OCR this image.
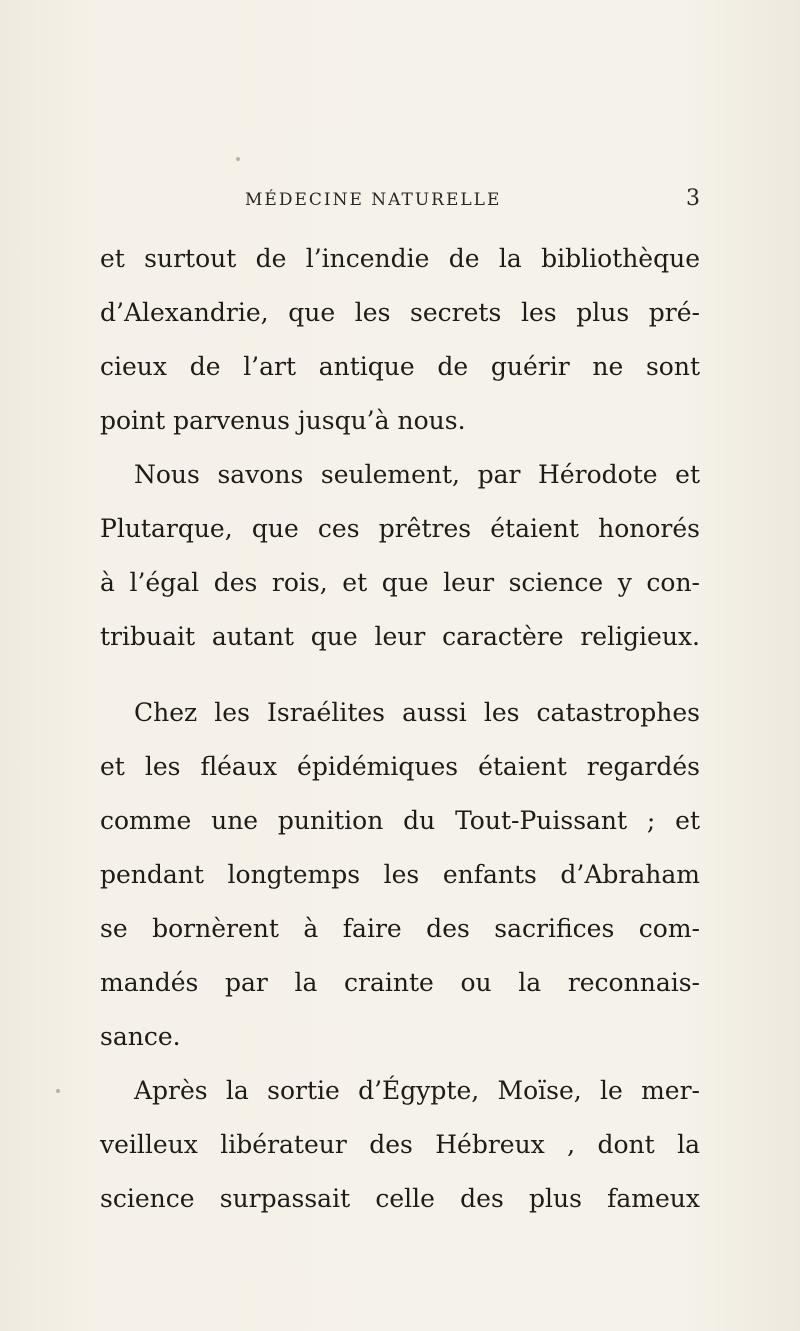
MÉDECINE NATURELLE	3
et surtout de l’incendie de la bibliothèque
d’Alexandrie, que les secrets les plus pré-
cieux de l’art antique de guérir ne sont
point parvenus jusqu’à nous.
Nous savons seulement, par Hérodote et
Plutarque, que ces prêtres étaient honorés
à l’égal des rois, et que leur science y con-
tribuait autant que leur caractère religieux.
Chez les Israélites aussi les catastrophes
et les fléaux épidémiques étaient regardés
comme une punition du Tout-Puissant ; et
pendant longtemps les enfants d’Abraham
se bornèrent à faire des sacrifices com-
mandés par la crainte ou la reconnais-
sance.
Après la sortie d’Égypte, Moïse, le mer-
veilleux libérateur des Hébreux , dont la
science surpassait celle des plus fameux
